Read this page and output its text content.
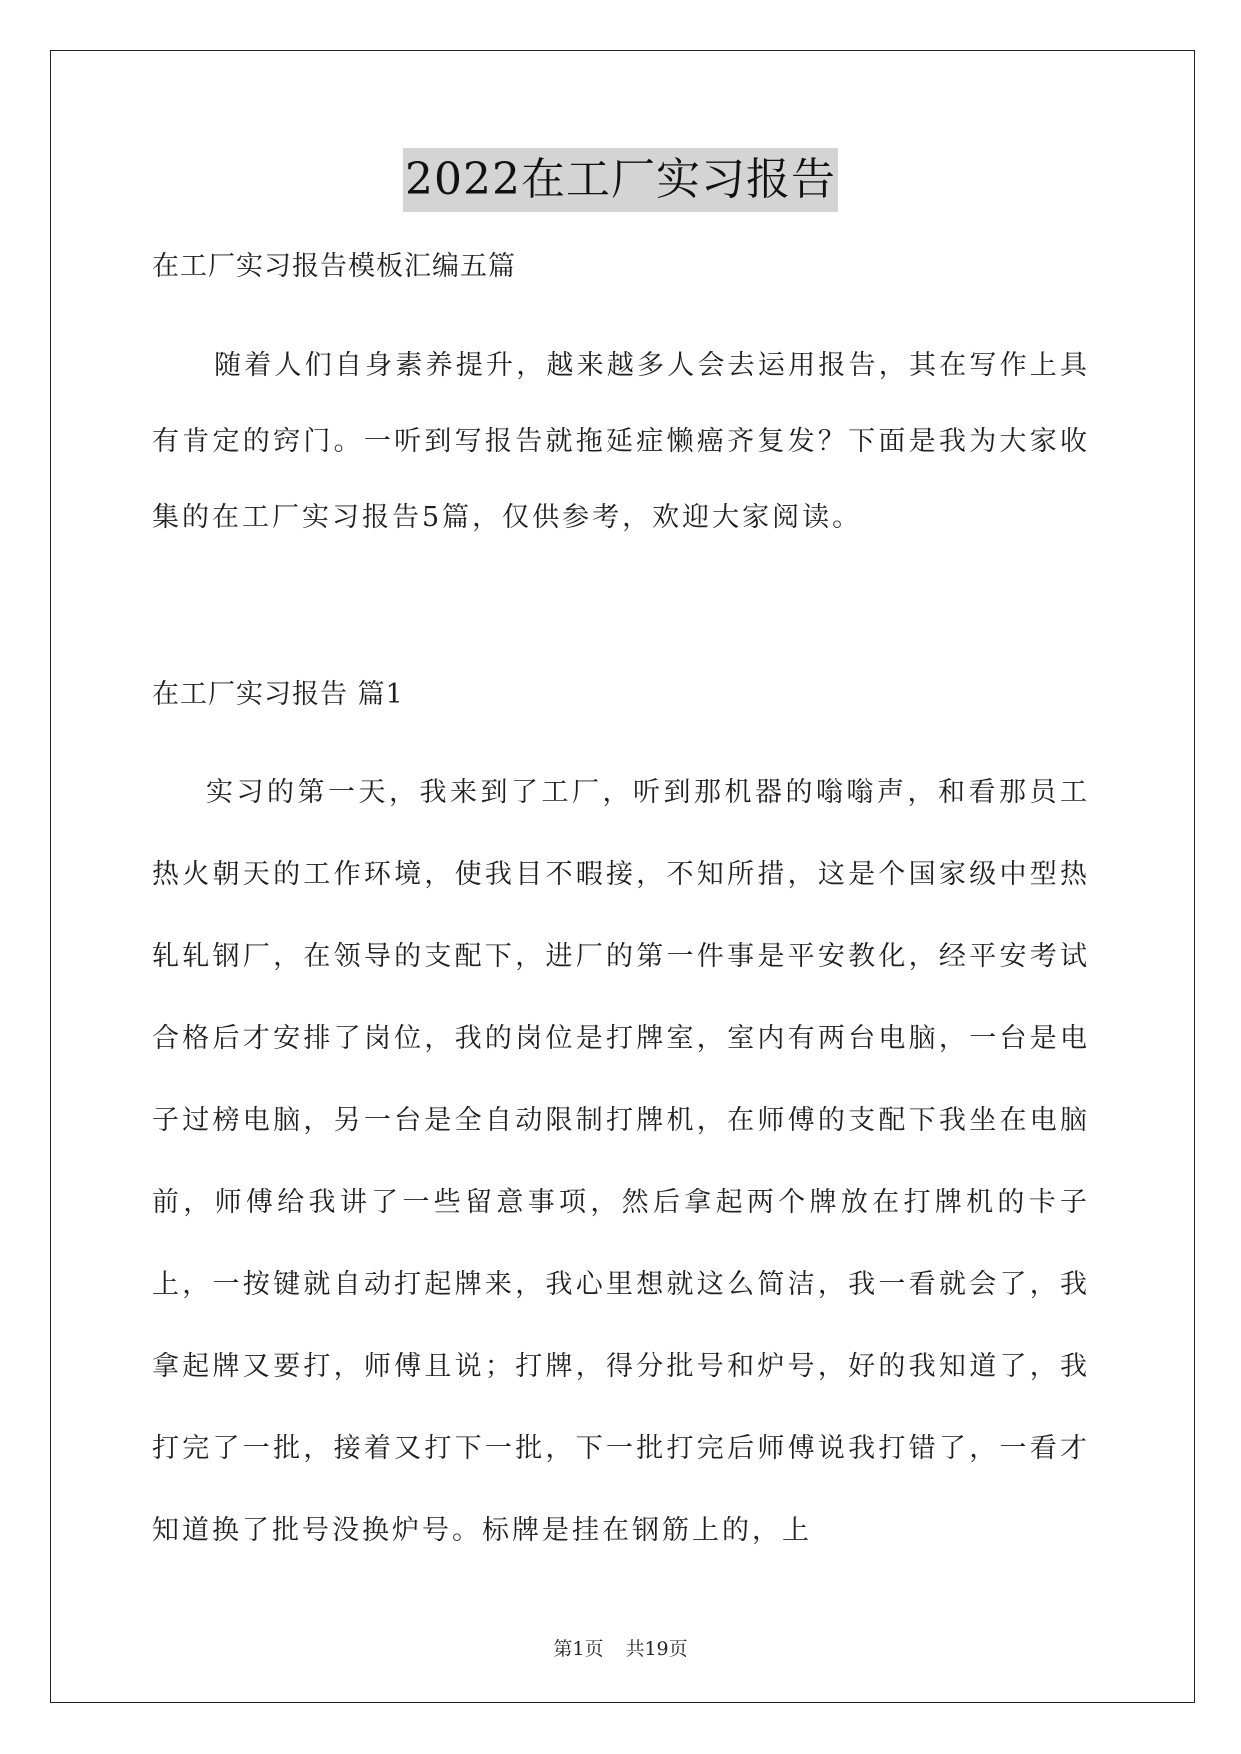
2022在工厂实习报告
在工厂实习报告模板汇编五篇
随着人们自身素养提升，越来越多人会去运用报告，其在写作上具有肯定的窍门。一听到写报告就拖延症懒癌齐复发？下面是我为大家收集的在工厂实习报告5篇，仅供参考，欢迎大家阅读。
在工厂实习报告 篇1
实习的第一天，我来到了工厂，听到那机器的嗡嗡声，和看那员工热火朝天的工作环境，使我目不暇接，不知所措，这是个国家级中型热轧轧钢厂，在领导的支配下，进厂的第一件事是平安教化，经平安考试合格后才安排了岗位，我的岗位是打牌室，室内有两台电脑，一台是电子过榜电脑，另一台是全自动限制打牌机，在师傅的支配下我坐在电脑前，师傅给我讲了一些留意事项，然后拿起两个牌放在打牌机的卡子上，一按键就自动打起牌来，我心里想就这么简洁，我一看就会了，我拿起牌又要打，师傅且说；打牌，得分批号和炉号，好的我知道了，我打完了一批，接着又打下一批，下一批打完后师傅说我打错了，一看才知道换了批号没换炉号。标牌是挂在钢筋上的，上
第1页 共19页
